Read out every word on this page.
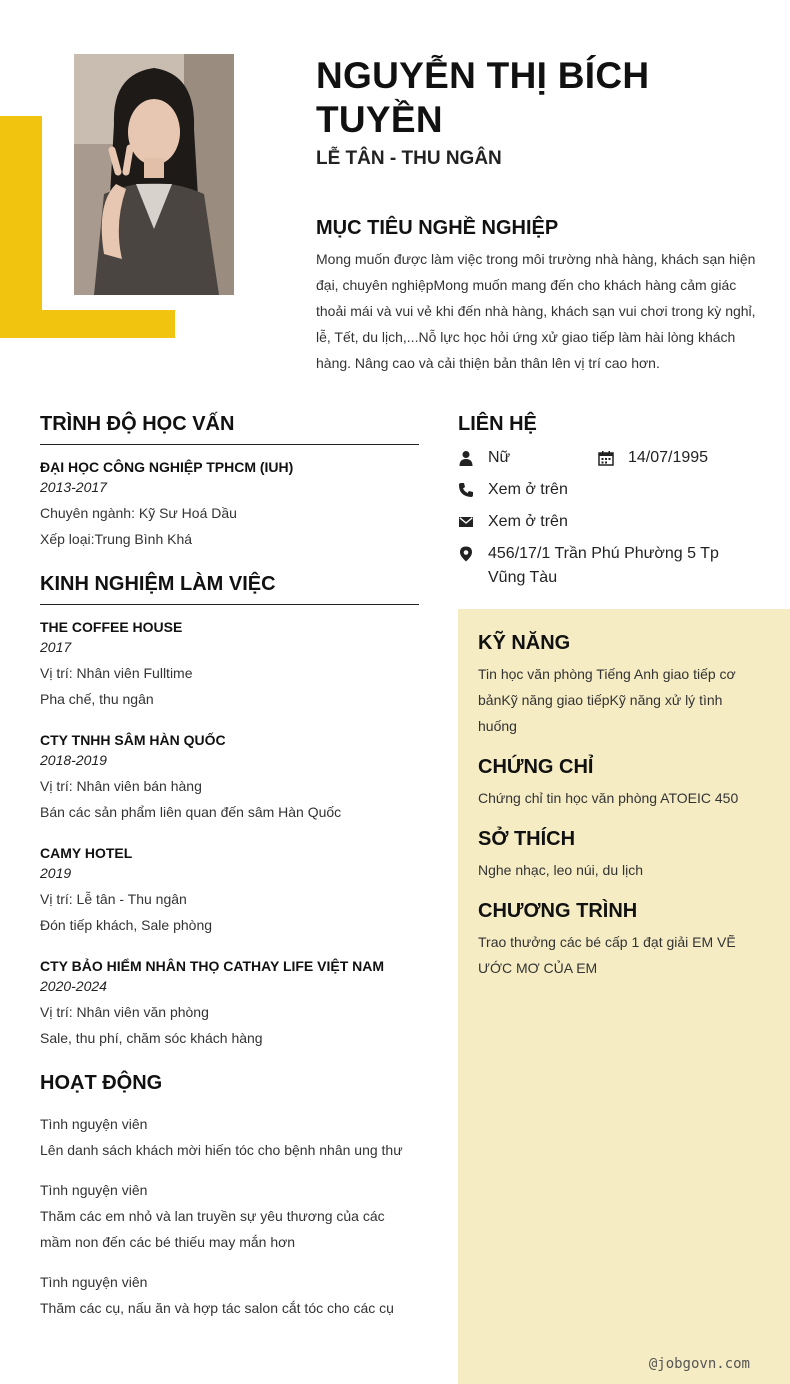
NGUYỄN THỊ BÍCH TUYỀN
LỄ TÂN - THU NGÂN
MỤC TIÊU NGHỀ NGHIỆP

Mong muốn được làm việc trong môi trường nhà hàng, khách sạn hiện đại, chuyên nghiệpMong muốn mang đến cho khách hàng cảm giác thoải mái và vui vẻ khi đến nhà hàng, khách sạn vui chơi trong kỳ nghỉ, lễ, Tết, du lịch,...Nỗ lực học hỏi ứng xử giao tiếp làm hài lòng khách hàng. Nâng cao và cải thiện bản thân lên vị trí cao hơn.

TRÌNH ĐỘ HỌC VẤN
ĐẠI HỌC CÔNG NGHIỆP TPHCM (IUH)
2013-2017
Chuyên ngành: Kỹ Sư Hoá Dầu
Xếp loại:Trung Bình Khá
KINH NGHIỆM LÀM VIỆC
THE COFFEE HOUSE
2017
Vị trí: Nhân viên Fulltime
Pha chế, thu ngân
CTY TNHH SÂM HÀN QUỐC
2018-2019
Vị trí: Nhân viên bán hàng
Bán các sản phẩm liên quan đến sâm Hàn Quốc
CAMY HOTEL
2019
Vị trí: Lễ tân - Thu ngân
Đón tiếp khách, Sale phòng
CTY BẢO HIỂM NHÂN THỌ CATHAY LIFE VIỆT NAM
2020-2024
Vị trí: Nhân viên văn phòng
Sale, thu phí, chăm sóc khách hàng
HOẠT ĐỘNG
Tình nguyện viên
Lên danh sách khách mời hiến tóc cho bệnh nhân ung thư
Tình nguyện viên
Thăm các em nhỏ và lan truyền sự yêu thương của các mầm non đến các bé thiếu may mắn hơn
Tình nguyện viên
Thăm các cụ, nấu ăn và hợp tác salon cắt tóc cho các cụ
LIÊN HỆ
Nữ	14/07/1995
Xem ở trên
Xem ở trên
456/17/1 Trần Phú Phường 5 Tp Vũng Tàu
KỸ NĂNG

Tin học văn phòng Tiếng Anh giao tiếp cơ bảnKỹ năng giao tiếpKỹ năng xử lý tình huống

CHỨNG CHỈ

Chứng chỉ tin học văn phòng ATOEIC 450

SỞ THÍCH

Nghe nhạc, leo núi, du lịch

CHƯƠNG TRÌNH

Trao thưởng các bé cấp 1 đạt giải EM VẼ ƯỚC MƠ CỦA EM

@jobgovn.com
